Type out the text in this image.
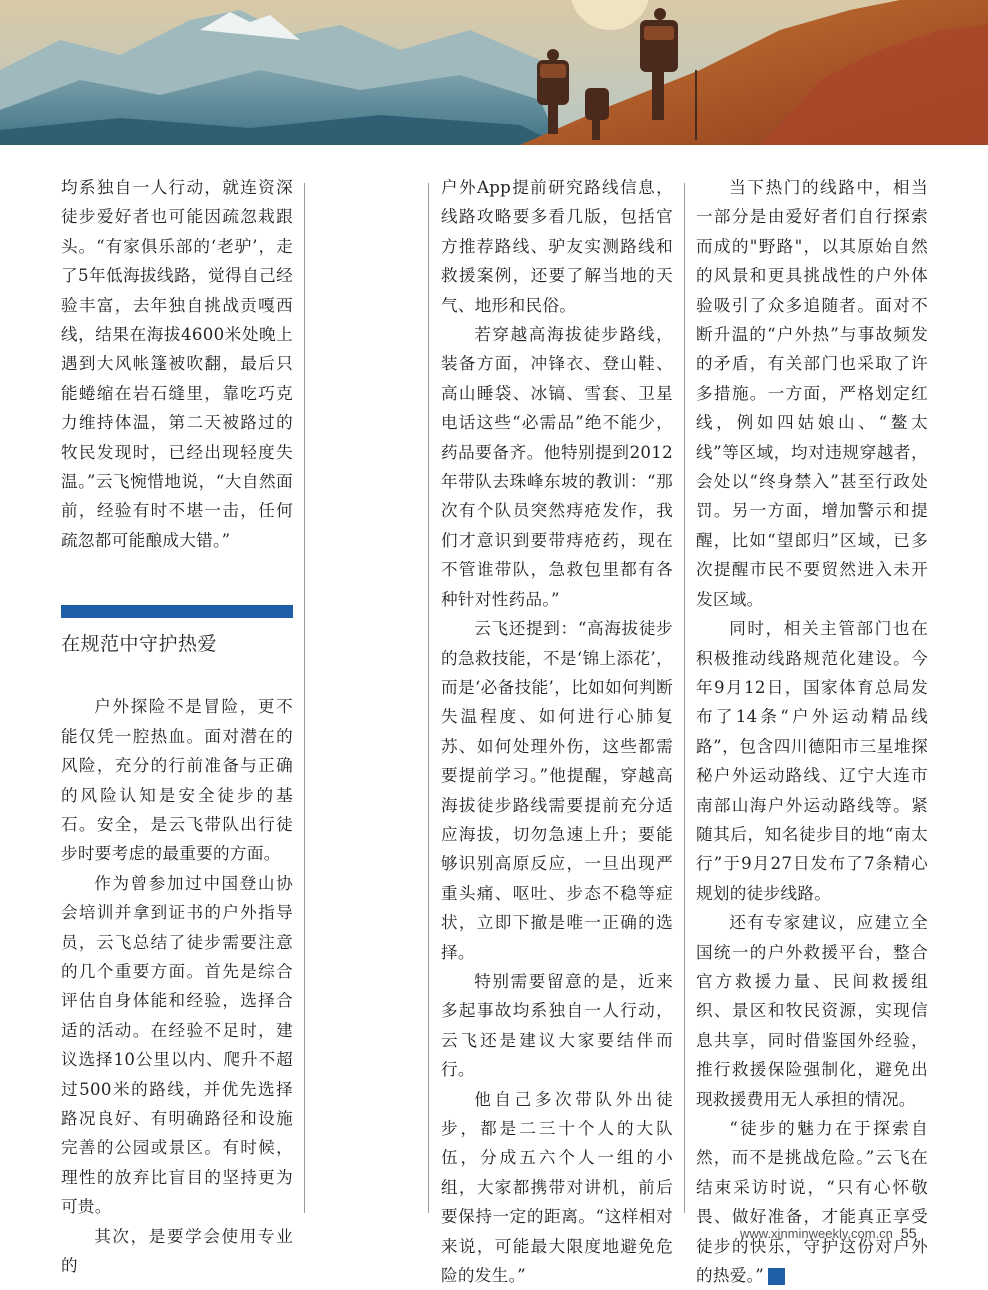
均系独自一人行动，就连资深徒步爱好者也可能因疏忽栽跟头。“有家俱乐部的‘老驴’，走了5年低海拔线路，觉得自己经验丰富，去年独自挑战贡嘎西线，结果在海拔4600米处晚上遇到大风帐篷被吹翻，最后只能蜷缩在岩石缝里，靠吃巧克力维持体温，第二天被路过的牧民发现时，已经出现轻度失温。”云飞惋惜地说，“大自然面前，经验有时不堪一击，任何疏忽都可能酿成大错。”

在规范中守护热爱

户外探险不是冒险，更不能仅凭一腔热血。面对潜在的风险，充分的行前准备与正确的风险认知是安全徒步的基石。安全，是云飞带队出行徒步时要考虑的最重要的方面。

作为曾参加过中国登山协会培训并拿到证书的户外指导员，云飞总结了徒步需要注意的几个重要方面。首先是综合评估自身体能和经验，选择合适的活动。在经验不足时，建议选择10公里以内、爬升不超过500米的路线，并优先选择路况良好、有明确路径和设施完善的公园或景区。有时候，理性的放弃比盲目的坚持更为可贵。

其次，是要学会使用专业的

户外App提前研究路线信息，线路攻略要多看几版，包括官方推荐路线、驴友实测路线和救援案例，还要了解当地的天气、地形和民俗。

若穿越高海拔徒步路线，装备方面，冲锋衣、登山鞋、高山睡袋、冰镐、雪套、卫星电话这些“必需品”绝不能少，药品要备齐。他特别提到2012年带队去珠峰东坡的教训：“那次有个队员突然痔疮发作，我们才意识到要带痔疮药，现在不管谁带队，急救包里都有各种针对性药品。”

云飞还提到：“高海拔徒步的急救技能，不是‘锦上添花’，而是‘必备技能’，比如如何判断失温程度、如何进行心肺复苏、如何处理外伤，这些都需要提前学习。”他提醒，穿越高海拔徒步路线需要提前充分适应海拔，切勿急速上升；要能够识别高原反应，一旦出现严重头痛、呕吐、步态不稳等症状，立即下撤是唯一正确的选择。

特别需要留意的是，近来多起事故均系独自一人行动，云飞还是建议大家要结伴而行。

他自己多次带队外出徒步，都是二三十个人的大队伍，分成五六个人一组的小组，大家都携带对讲机，前后要保持一定的距离。“这样相对来说，可能最大限度地避免危险的发生。”

当下热门的线路中，相当一部分是由爱好者们自行探索而成的"野路"，以其原始自然的风景和更具挑战性的户外体验吸引了众多追随者。面对不断升温的“户外热”与事故频发的矛盾，有关部门也采取了许多措施。一方面，严格划定红线，例如四姑娘山、“鳌太线”等区域，均对违规穿越者，会处以“终身禁入”甚至行政处罚。另一方面，增加警示和提醒，比如“望郎归”区域，已多次提醒市民不要贸然进入未开发区域。

同时，相关主管部门也在积极推动线路规范化建设。今年9月12日，国家体育总局发布了14条“户外运动精品线路”，包含四川德阳市三星堆探秘户外运动路线、辽宁大连市南部山海户外运动路线等。紧随其后，知名徒步目的地“南太行”于9月27日发布了7条精心规划的徒步线路。

还有专家建议，应建立全国统一的户外救援平台，整合官方救援力量、民间救援组织、景区和牧民资源，实现信息共享，同时借鉴国外经验，推行救援保险强制化，避免出现救援费用无人承担的情况。

“徒步的魅力在于探索自然，而不是挑战危险。”云飞在结束采访时说，“只有心怀敬畏、做好准备，才能真正享受徒步的快乐，守护这份对户外的热爱。”	民

www.xinminweekly.com.cn 55
